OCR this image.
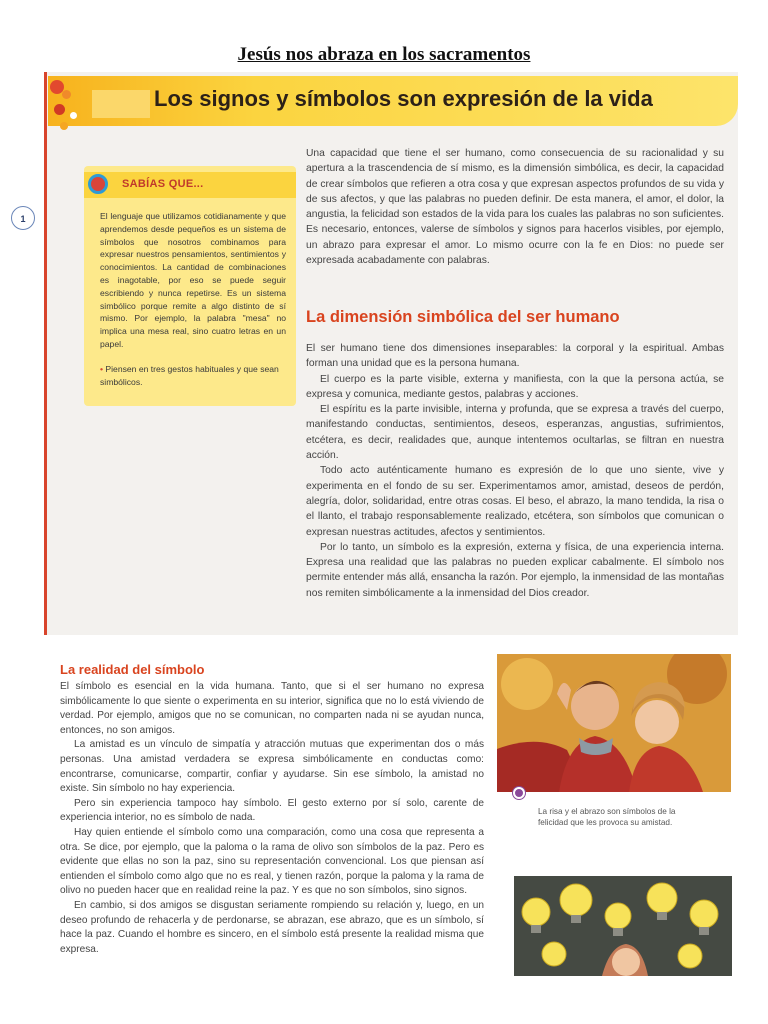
Jesús nos abraza en los sacramentos
1
Los signos y símbolos son expresión de la vida
SABÍAS QUE...

El lenguaje que utilizamos cotidianamente y que aprendemos desde pequeños es un sistema de símbolos que nosotros combinamos para expresar nuestros pensamientos, sentimientos y conocimientos. La cantidad de combinaciones es inagotable, por eso se puede seguir escribiendo y nunca repetirse. Es un sistema simbólico porque remite a algo distinto de sí mismo. Por ejemplo, la palabra "mesa" no implica una mesa real, sino cuatro letras en un papel.

• Piensen en tres gestos habituales y que sean simbólicos.

Una capacidad que tiene el ser humano, como consecuencia de su racionalidad y su apertura a la trascendencia de sí mismo, es la dimensión simbólica, es decir, la capacidad de crear símbolos que refieren a otra cosa y que expresan aspectos profundos de su vida y de sus afectos, y que las palabras no pueden definir. De esta manera, el amor, el dolor, la angustia, la felicidad son estados de la vida para los cuales las palabras no son suficientes. Es necesario, entonces, valerse de símbolos y signos para hacerlos visibles, por ejemplo, un abrazo para expresar el amor. Lo mismo ocurre con la fe en Dios: no puede ser expresada acabadamente con palabras.

La dimensión simbólica del ser humano

El ser humano tiene dos dimensiones inseparables: la corporal y la espiritual. Ambas forman una unidad que es la persona humana.

El cuerpo es la parte visible, externa y manifiesta, con la que la persona actúa, se expresa y comunica, mediante gestos, palabras y acciones.

El espíritu es la parte invisible, interna y profunda, que se expresa a través del cuerpo, manifestando conductas, sentimientos, deseos, esperanzas, angustias, sufrimientos, etcétera, es decir, realidades que, aunque intentemos ocultarlas, se filtran en nuestra acción.

Todo acto auténticamente humano es expresión de lo que uno siente, vive y experimenta en el fondo de su ser. Experimentamos amor, amistad, deseos de perdón, alegría, dolor, solidaridad, entre otras cosas. El beso, el abrazo, la mano tendida, la risa o el llanto, el trabajo responsablemente realizado, etcétera, son símbolos que comunican o expresan nuestras actitudes, afectos y sentimientos.

Por lo tanto, un símbolo es la expresión, externa y física, de una experiencia interna. Expresa una realidad que las palabras no pueden explicar cabalmente. El símbolo nos permite entender más allá, ensancha la razón. Por ejemplo, la inmensidad de las montañas nos remiten simbólicamente a la inmensidad del Dios creador.

La realidad del símbolo

El símbolo es esencial en la vida humana. Tanto, que si el ser humano no expresa simbólicamente lo que siente o experimenta en su interior, significa que no lo está viviendo de verdad. Por ejemplo, amigos que no se comunican, no comparten nada ni se ayudan nunca, entonces, no son amigos.

La amistad es un vínculo de simpatía y atracción mutuas que experimentan dos o más personas. Una amistad verdadera se expresa simbólicamente en conductas como: encontrarse, comunicarse, compartir, confiar y ayudarse. Sin ese símbolo, la amistad no existe. Sin símbolo no hay experiencia.

Pero sin experiencia tampoco hay símbolo. El gesto externo por sí solo, carente de experiencia interior, no es símbolo de nada.

Hay quien entiende el símbolo como una comparación, como una cosa que representa a otra. Se dice, por ejemplo, que la paloma o la rama de olivo son símbolos de la paz. Pero es evidente que ellas no son la paz, sino su representación convencional. Los que piensan así entienden el símbolo como algo que no es real, y tienen razón, porque la paloma y la rama de olivo no pueden hacer que en realidad reine la paz. Y es que no son símbolos, sino signos.

En cambio, si dos amigos se disgustan seriamente rompiendo su relación y, luego, en un deseo profundo de rehacerla y de perdonarse, se abrazan, ese abrazo, que es un símbolo, sí hace la paz. Cuando el hombre es sincero, en el símbolo está presente la realidad misma que expresa.

La risa y el abrazo son símbolos de la felicidad que les provoca su amistad.
